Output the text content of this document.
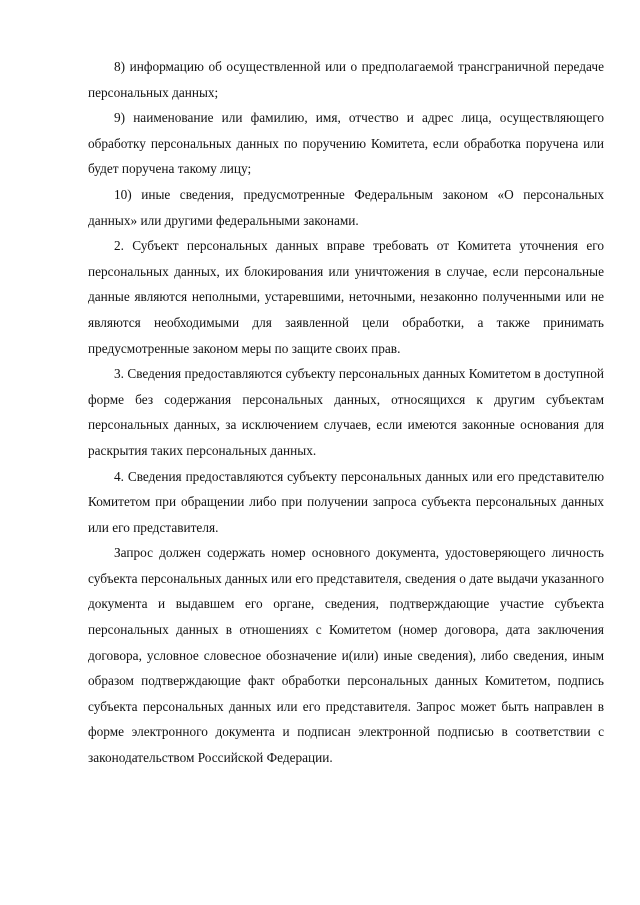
8) информацию об осуществленной или о предполагаемой трансграничной передаче персональных данных;

9) наименование или фамилию, имя, отчество и адрес лица, осуществляющего обработку персональных данных по поручению Комитета, если обработка поручена или будет поручена такому лицу;

10) иные сведения, предусмотренные Федеральным законом «О персональных данных» или другими федеральными законами.

2. Субъект персональных данных вправе требовать от Комитета уточнения его персональных данных, их блокирования или уничтожения в случае, если персональные данные являются неполными, устаревшими, неточными, незаконно полученными или не являются необходимыми для заявленной цели обработки, а также принимать предусмотренные законом меры по защите своих прав.

3. Сведения предоставляются субъекту персональных данных Комитетом в доступной форме без содержания персональных данных, относящихся к другим субъектам персональных данных, за исключением случаев, если имеются законные основания для раскрытия таких персональных данных.

4. Сведения предоставляются субъекту персональных данных или его представителю Комитетом при обращении либо при получении запроса субъекта персональных данных или его представителя.

Запрос должен содержать номер основного документа, удостоверяющего личность субъекта персональных данных или его представителя, сведения о дате выдачи указанного документа и выдавшем его органе, сведения, подтверждающие участие субъекта персональных данных в отношениях с Комитетом (номер договора, дата заключения договора, условное словесное обозначение и(или) иные сведения), либо сведения, иным образом подтверждающие факт обработки персональных данных Комитетом, подпись субъекта персональных данных или его представителя. Запрос может быть направлен в форме электронного документа и подписан электронной подписью в соответствии с законодательством Российской Федерации.
